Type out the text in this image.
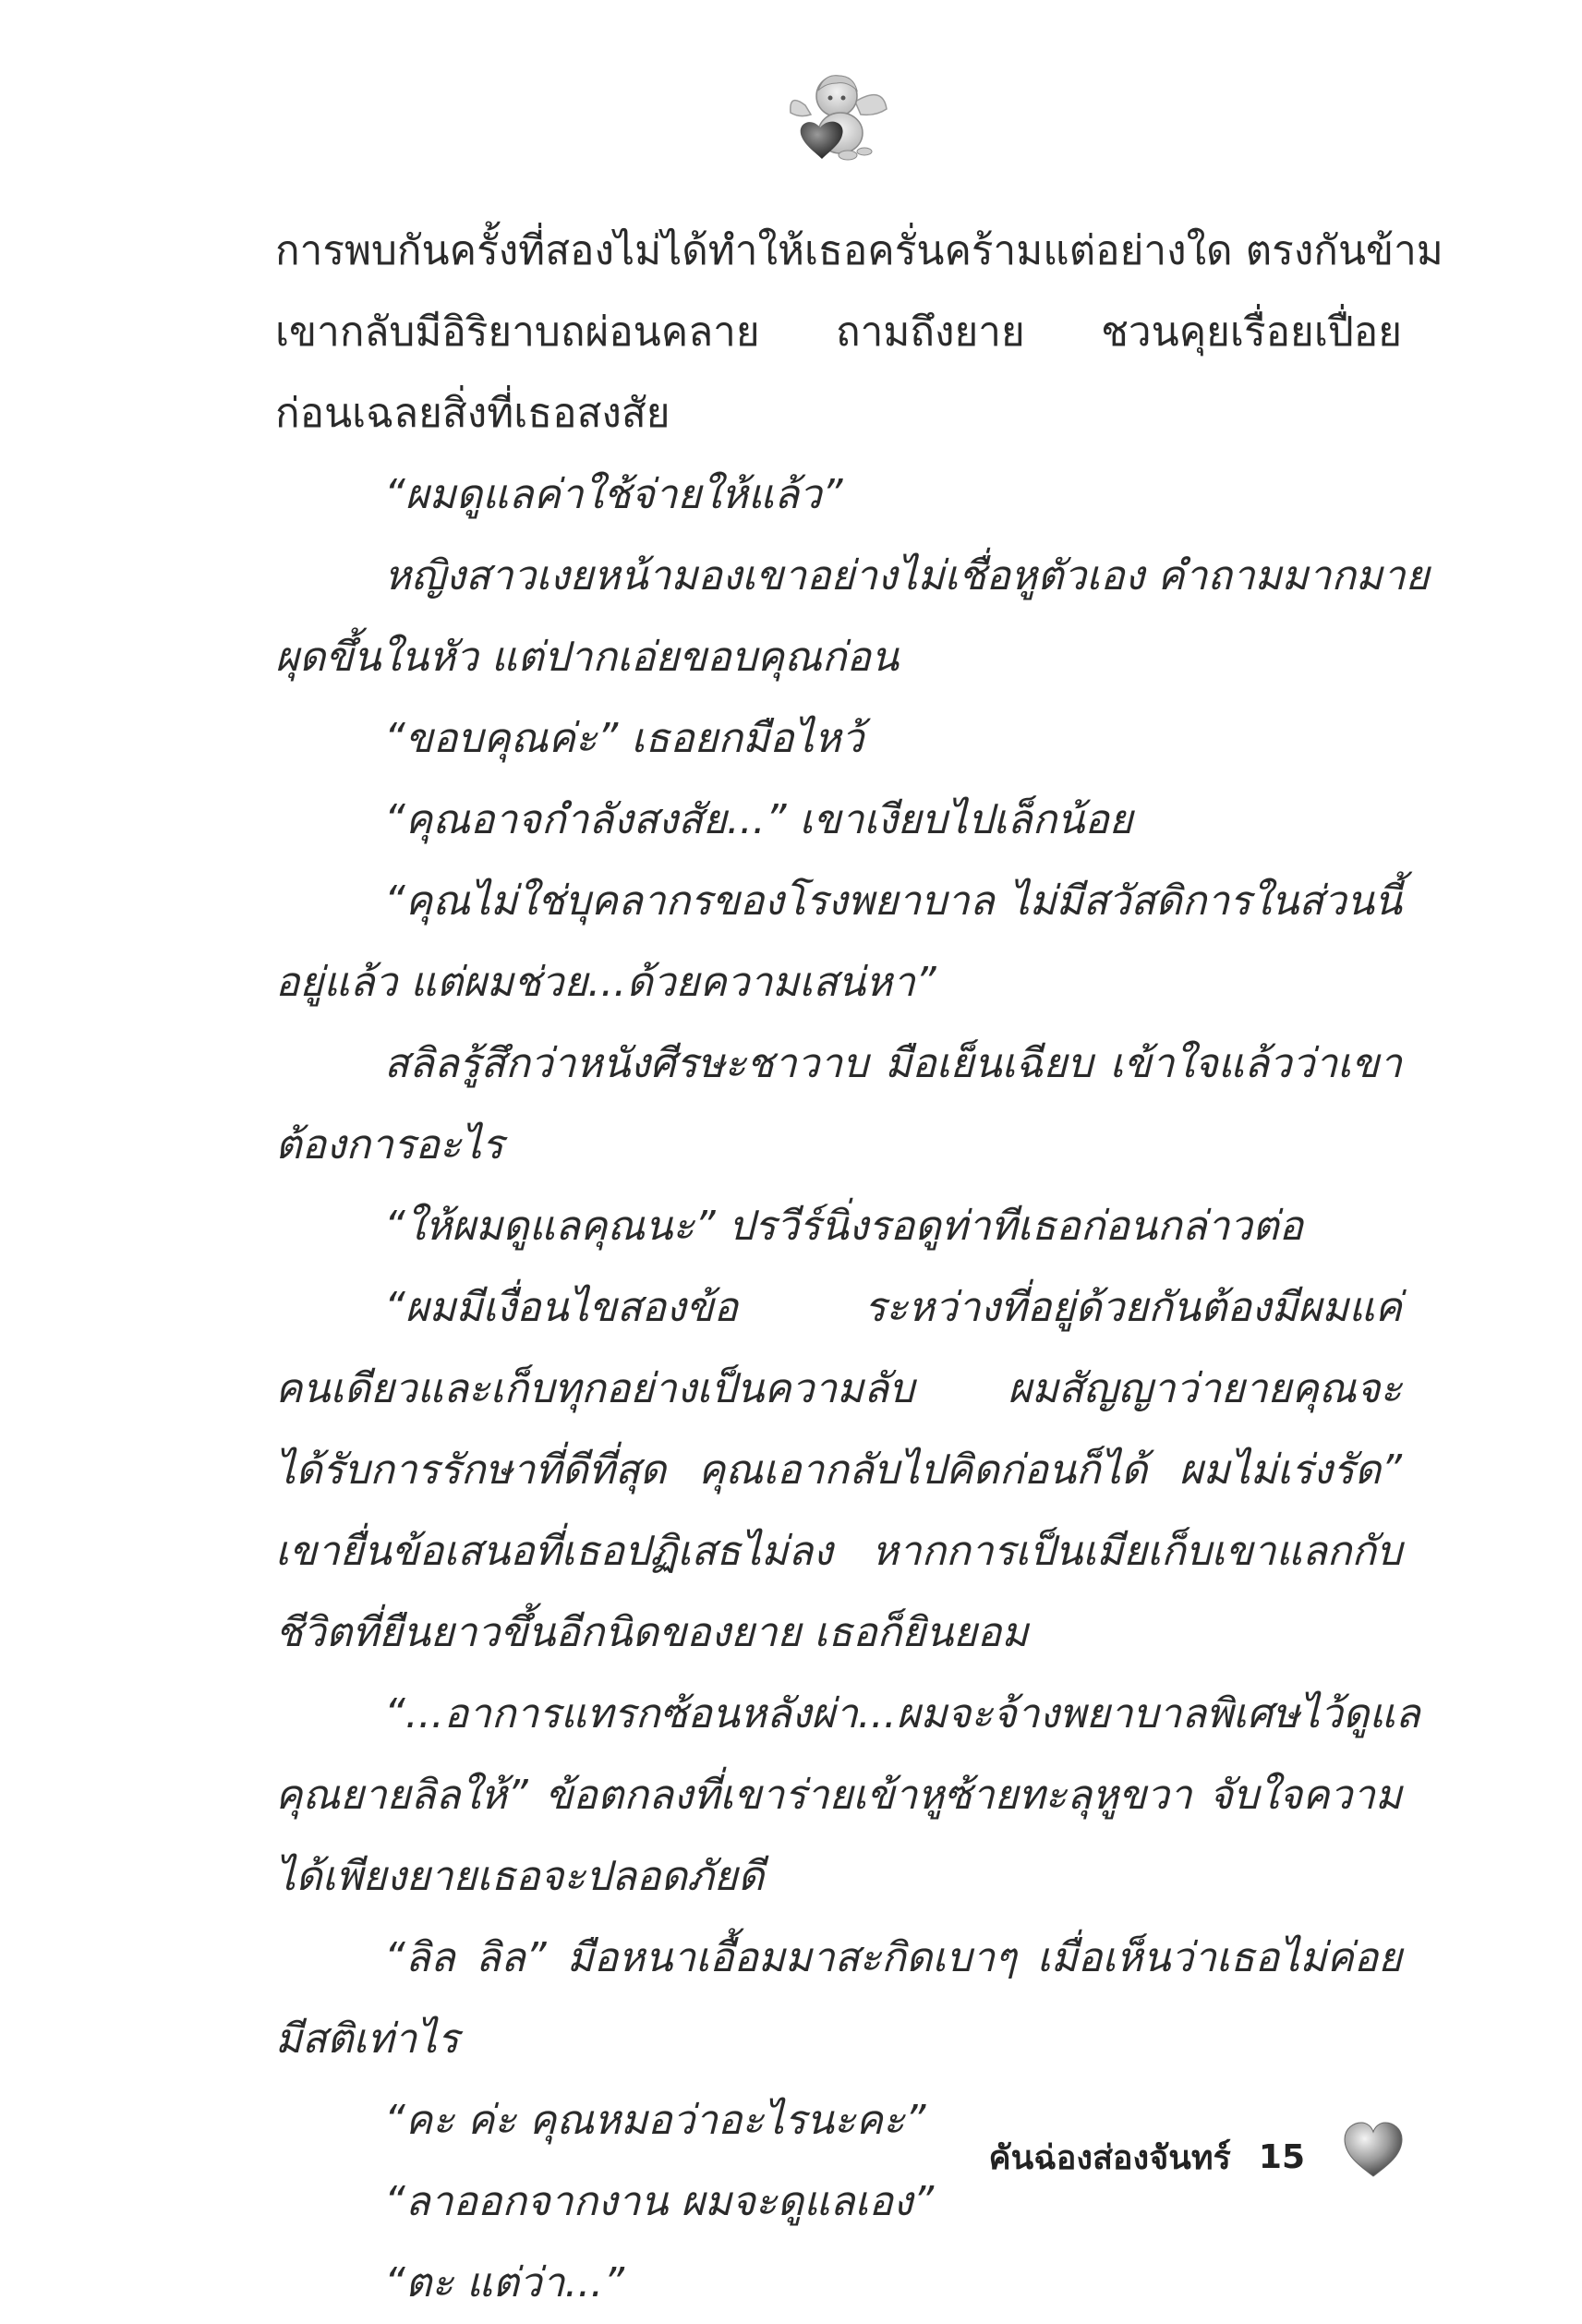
การพบกันครั้งที่สองไม่ได้ทำให้เธอครั่นคร้ามแต่อย่างใด ตรงกันข้าม
เขากลับมีอิริยาบถผ่อนคลาย ถามถึงยาย ชวนคุยเรื่อยเปื่อย
ก่อนเฉลยสิ่งที่เธอสงสัย
“ผมดูแลค่าใช้จ่ายให้แล้ว”
หญิงสาวเงยหน้ามองเขาอย่างไม่เชื่อหูตัวเอง คำถามมากมาย
ผุดขึ้นในหัว แต่ปากเอ่ยขอบคุณก่อน
“ขอบคุณค่ะ” เธอยกมือไหว้
“คุณอาจกำลังสงสัย...” เขาเงียบไปเล็กน้อย
“คุณไม่ใช่บุคลากรของโรงพยาบาล ไม่มีสวัสดิการในส่วนนี้
อยู่แล้ว แต่ผมช่วย...ด้วยความเสน่หา”
สลิลรู้สึกว่าหนังศีรษะชาวาบ มือเย็นเฉียบ เข้าใจแล้วว่าเขา
ต้องการอะไร
“ให้ผมดูแลคุณนะ” ปรวีร์นิ่งรอดูท่าทีเธอก่อนกล่าวต่อ
“ผมมีเงื่อนไขสองข้อ ระหว่างที่อยู่ด้วยกันต้องมีผมแค่
คนเดียวและเก็บทุกอย่างเป็นความลับ ผมสัญญาว่ายายคุณจะ
ได้รับการรักษาที่ดีที่สุด คุณเอากลับไปคิดก่อนก็ได้ ผมไม่เร่งรัด”
เขายื่นข้อเสนอที่เธอปฏิเสธไม่ลง หากการเป็นเมียเก็บเขาแลกกับ
ชีวิตที่ยืนยาวขึ้นอีกนิดของยาย เธอก็ยินยอม
“...อาการแทรกซ้อนหลังผ่า...ผมจะจ้างพยาบาลพิเศษไว้ดูแล
คุณยายลิลให้” ข้อตกลงที่เขาร่ายเข้าหูซ้ายทะลุหูขวา จับใจความ
ได้เพียงยายเธอจะปลอดภัยดี
“ลิล ลิล” มือหนาเอื้อมมาสะกิดเบาๆ เมื่อเห็นว่าเธอไม่ค่อย
มีสติเท่าไร
“คะ ค่ะ คุณหมอว่าอะไรนะคะ”
“ลาออกจากงาน ผมจะดูแลเอง”
“ตะ แต่ว่า...”
คันฉ่องส่องจันทร์ 15
